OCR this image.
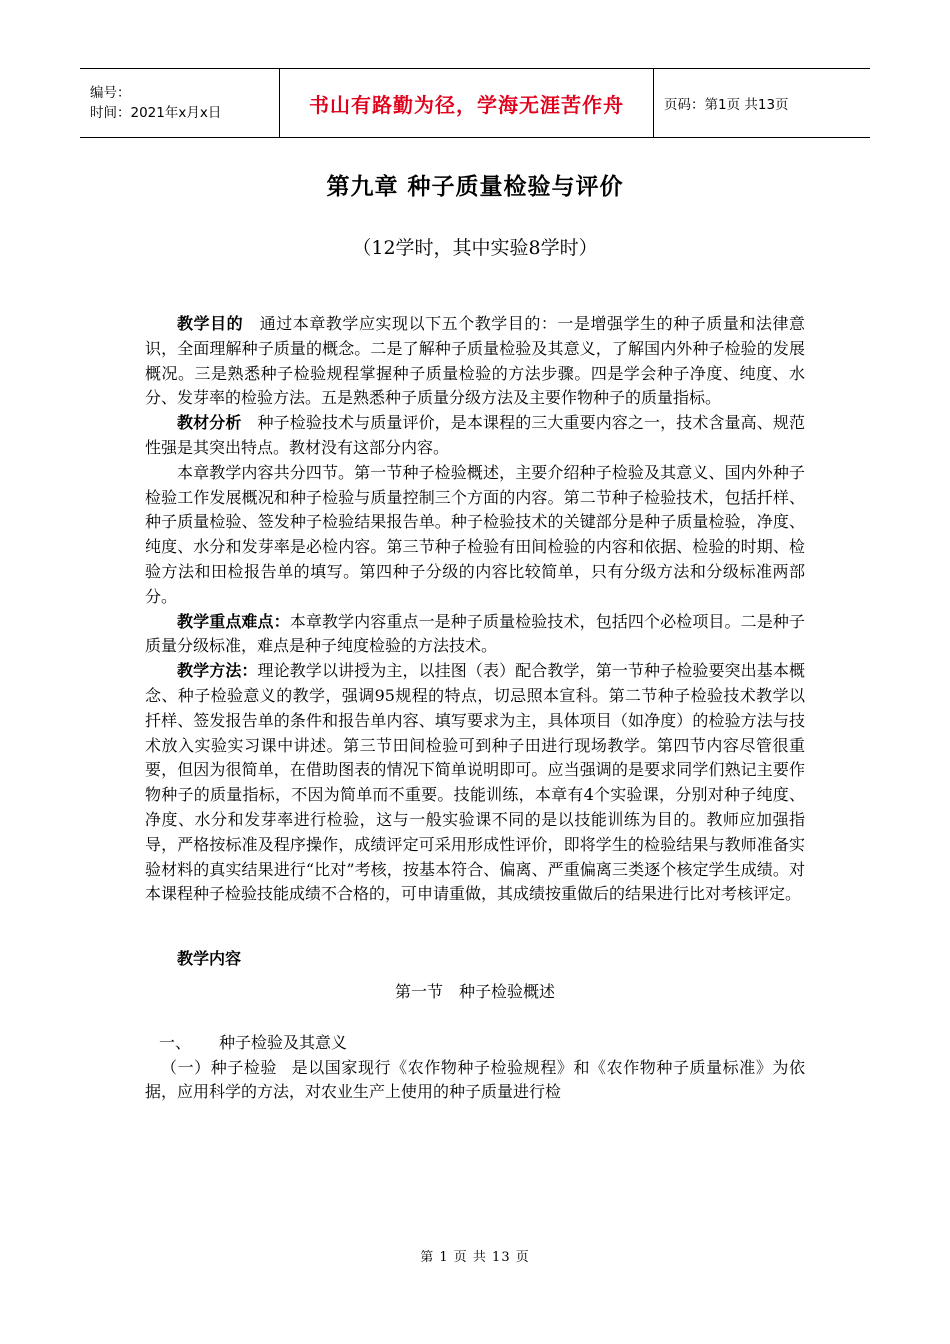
编号：
时间：2021年x月x日	书山有路勤为径，学海无涯苦作舟	页码：第1页 共13页
第九章 种子质量检验与评价
（12学时，其中实验8学时）

教学目的　通过本章教学应实现以下五个教学目的：一是增强学生的种子质量和法律意识，全面理解种子质量的概念。二是了解种子质量检验及其意义，了解国内外种子检验的发展概况。三是熟悉种子检验规程掌握种子质量检验的方法步骤。四是学会种子净度、纯度、水分、发芽率的检验方法。五是熟悉种子质量分级方法及主要作物种子的质量指标。

教材分析　种子检验技术与质量评价，是本课程的三大重要内容之一，技术含量高、规范性强是其突出特点。教材没有这部分内容。

本章教学内容共分四节。第一节种子检验概述，主要介绍种子检验及其意义、国内外种子检验工作发展概况和种子检验与质量控制三个方面的内容。第二节种子检验技术，包括扦样、种子质量检验、签发种子检验结果报告单。种子检验技术的关键部分是种子质量检验，净度、纯度、水分和发芽率是必检内容。第三节种子检验有田间检验的内容和依据、检验的时期、检验方法和田检报告单的填写。第四种子分级的内容比较简单，只有分级方法和分级标准两部分。

教学重点难点：本章教学内容重点一是种子质量检验技术，包括四个必检项目。二是种子质量分级标准，难点是种子纯度检验的方法技术。

教学方法：理论教学以讲授为主，以挂图（表）配合教学，第一节种子检验要突出基本概念、种子检验意义的教学，强调95规程的特点，切忌照本宣科。第二节种子检验技术教学以扦样、签发报告单的条件和报告单内容、填写要求为主，具体项目（如净度）的检验方法与技术放入实验实习课中讲述。第三节田间检验可到种子田进行现场教学。第四节内容尽管很重要，但因为很简单，在借助图表的情况下简单说明即可。应当强调的是要求同学们熟记主要作物种子的质量指标，不因为简单而不重要。技能训练，本章有4个实验课，分别对种子纯度、净度、水分和发芽率进行检验，这与一般实验课不同的是以技能训练为目的。教师应加强指导，严格按标准及程序操作，成绩评定可采用形成性评价，即将学生的检验结果与教师准备实验材料的真实结果进行“比对”考核，按基本符合、偏离、严重偏离三类逐个核定学生成绩。对本课程种子检验技能成绩不合格的，可申请重做，其成绩按重做后的结果进行比对考核评定。

教学内容

第一节　种子检验概述

一、 种子检验及其意义

（一）种子检验 是以国家现行《农作物种子检验规程》和《农作物种子质量标准》为依据，应用科学的方法，对农业生产上使用的种子质量进行检

第 1 页 共 13 页
